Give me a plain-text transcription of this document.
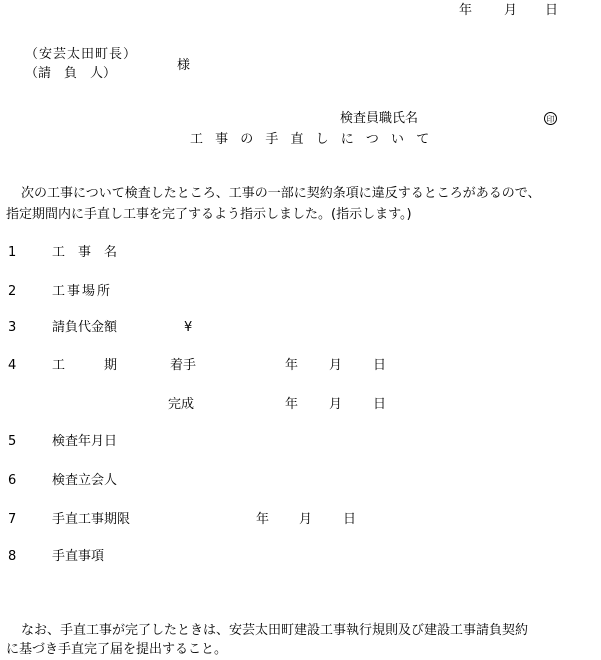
年 月 日
（安芸太田町長）
（請　負　人）
様
検査員職氏名	印
工 事 の 手 直 し に つ い て
次の工事について検査したところ、工事の一部に契約条項に違反するところがあるので、
指定期間内に手直し工事を完了するよう指示しました。(指示します。)
1	工　事　名
2	工事場所
3	請負代金額	¥
4	工　　　期	着手	年 月 日
完成	年 月 日
5	検査年月日
6	検査立会人
7	手直工事期限	年 月 日
8	手直事項
なお、手直工事が完了したときは、安芸太田町建設工事執行規則及び建設工事請負契約
に基づき手直完了届を提出すること。
